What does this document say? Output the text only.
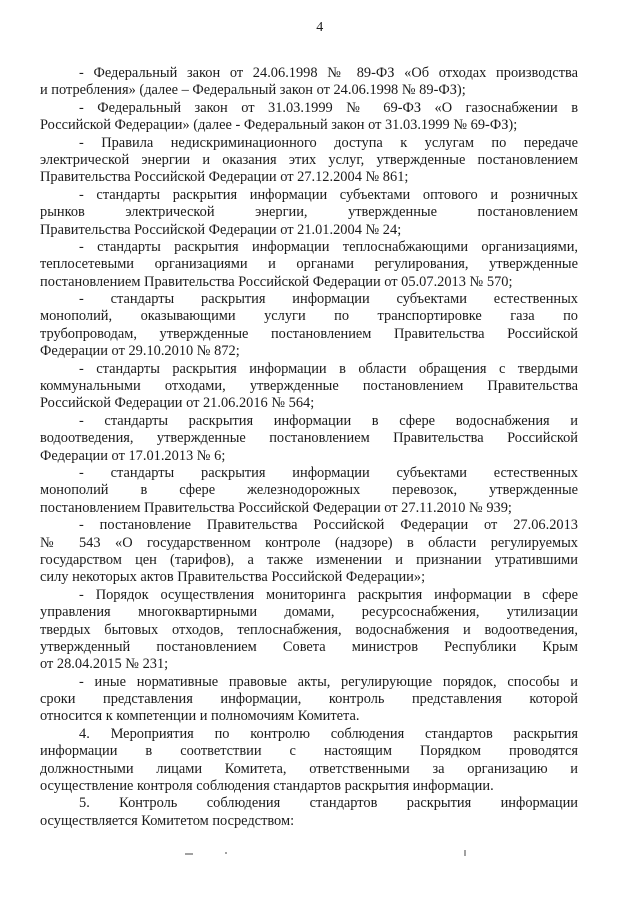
4
- Федеральный закон от 24.06.1998 № 89-ФЗ «Об отходах производства
и потребления» (далее – Федеральный закон от 24.06.1998 № 89-ФЗ);
- Федеральный закон от 31.03.1999 № 69-ФЗ «О газоснабжении в
Российской Федерации» (далее - Федеральный закон от 31.03.1999 № 69-ФЗ);
- Правила недискриминационного доступа к услугам по передаче
электрической энергии и оказания этих услуг, утвержденные постановлением
Правительства Российской Федерации от 27.12.2004 № 861;
- стандарты раскрытия информации субъектами оптового и розничных
рынков электрической энергии, утвержденные постановлением
Правительства Российской Федерации от 21.01.2004 № 24;
- стандарты раскрытия информации теплоснабжающими организациями,
теплосетевыми организациями и органами регулирования, утвержденные
постановлением Правительства Российской Федерации от 05.07.2013 № 570;
- стандарты раскрытия информации субъектами естественных
монополий, оказывающими услуги по транспортировке газа по
трубопроводам, утвержденные постановлением Правительства Российской
Федерации от 29.10.2010 № 872;
- стандарты раскрытия информации в области обращения с твердыми
коммунальными отходами, утвержденные постановлением Правительства
Российской Федерации от 21.06.2016 № 564;
- стандарты раскрытия информации в сфере водоснабжения и
водоотведения, утвержденные постановлением Правительства Российской
Федерации от 17.01.2013 № 6;
- стандарты раскрытия информации субъектами естественных
монополий в сфере железнодорожных перевозок, утвержденные
постановлением Правительства Российской Федерации от 27.11.2010 № 939;
- постановление Правительства Российской Федерации от 27.06.2013
№ 543 «О государственном контроле (надзоре) в области регулируемых
государством цен (тарифов), а также изменении и признании утратившими
силу некоторых актов Правительства Российской Федерации»;
- Порядок осуществления мониторинга раскрытия информации в сфере
управления многоквартирными домами, ресурсоснабжения, утилизации
твердых бытовых отходов, теплоснабжения, водоснабжения и водоотведения,
утвержденный постановлением Совета министров Республики Крым
от 28.04.2015 № 231;
- иные нормативные правовые акты, регулирующие порядок, способы и
сроки представления информации, контроль представления которой
относится к компетенции и полномочиям Комитета.
4. Мероприятия по контролю соблюдения стандартов раскрытия
информации в соответствии с настоящим Порядком проводятся
должностными лицами Комитета, ответственными за организацию и
осуществление контроля соблюдения стандартов раскрытия информации.
5. Контроль соблюдения стандартов раскрытия информации
осуществляется Комитетом посредством:
